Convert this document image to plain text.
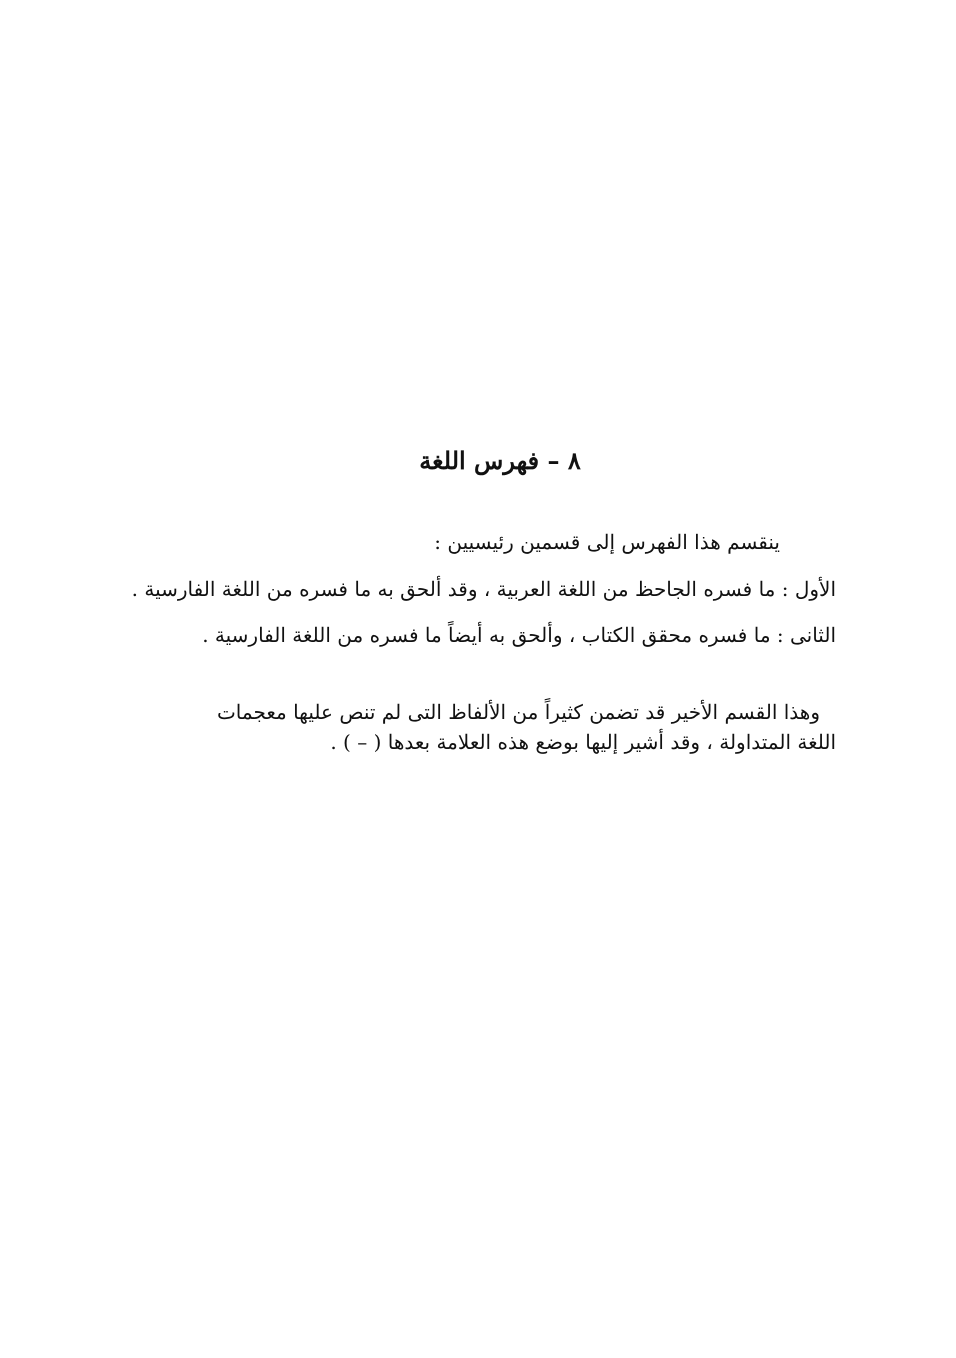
٨ – فهرس اللغة
ينقسم هذا الفهرس إلى قسمين رئيسيين :
الأول : ما فسره الجاحظ من اللغة العربية ، وقد ألحق به ما فسره من اللغة الفارسية .
الثانى : ما فسره محقق الكتاب ، وألحق به أيضاً ما فسره من اللغة الفارسية .
وهذا القسم الأخير قد تضمن كثيراً من الألفاظ التى لم تنص عليها معجمات
اللغة المتداولة ، وقد أشير إليها بوضع هذه العلامة بعدها ( – ) .
